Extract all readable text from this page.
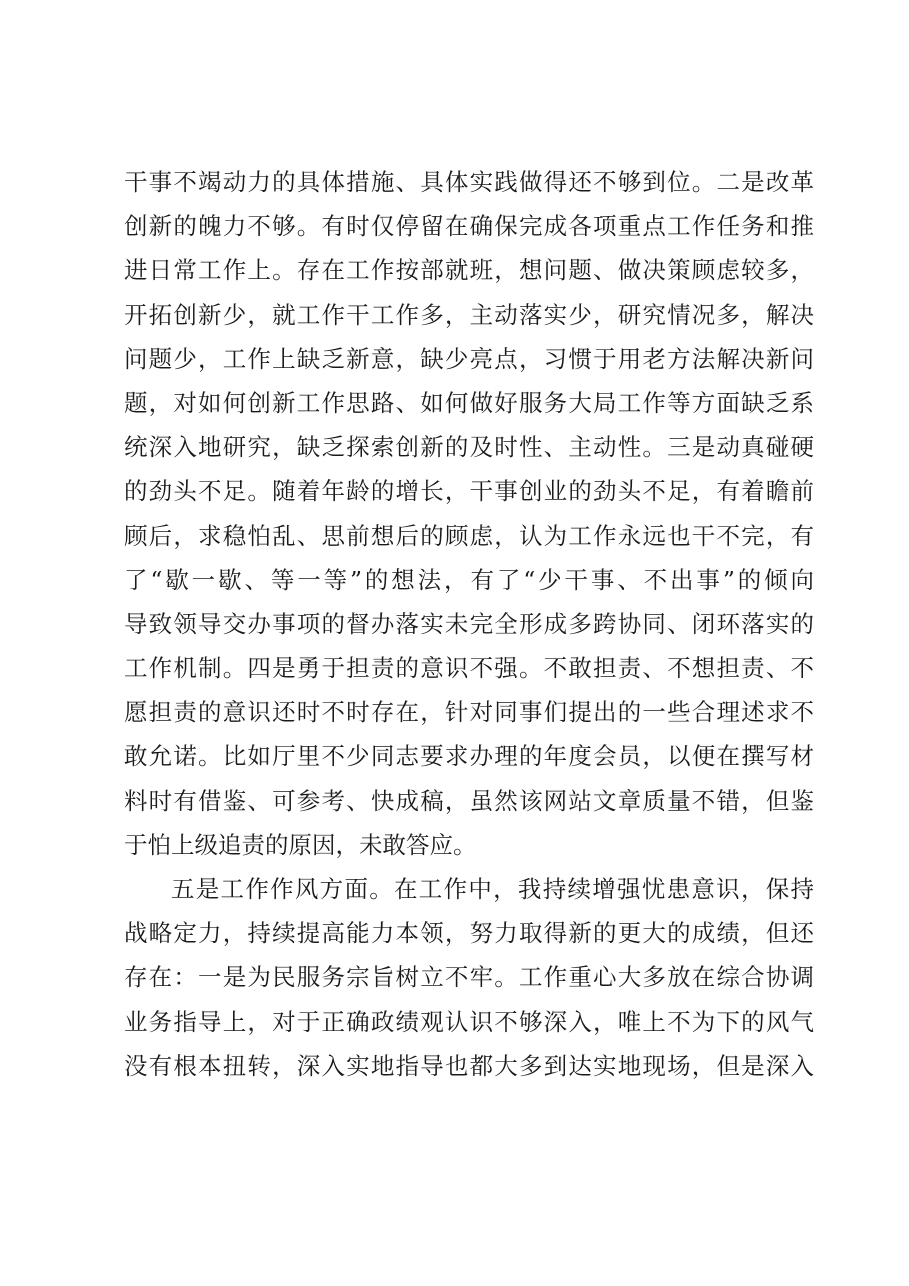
干事不竭动力的具体措施、具体实践做得还不够到位。二是改革
创新的魄力不够。有时仅停留在确保完成各项重点工作任务和推
进日常工作上。存在工作按部就班，想问题、做决策顾虑较多，
开拓创新少，就工作干工作多，主动落实少，研究情况多，解决
问题少，工作上缺乏新意，缺少亮点，习惯于用老方法解决新问
题，对如何创新工作思路、如何做好服务大局工作等方面缺乏系
统深入地研究，缺乏探索创新的及时性、主动性。三是动真碰硬
的劲头不足。随着年龄的增长，干事创业的劲头不足，有着瞻前
顾后，求稳怕乱、思前想后的顾虑，认为工作永远也干不完，有
了“歇一歇、等一等”的想法，有了“少干事、不出事”的倾向
导致领导交办事项的督办落实未完全形成多跨协同、闭环落实的
工作机制。四是勇于担责的意识不强。不敢担责、不想担责、不
愿担责的意识还时不时存在，针对同事们提出的一些合理述求不
敢允诺。比如厅里不少同志要求办理的年度会员，以便在撰写材
料时有借鉴、可参考、快成稿，虽然该网站文章质量不错，但鉴
于怕上级追责的原因，未敢答应。
五是工作作风方面。在工作中，我持续增强忧患意识，保持
战略定力，持续提高能力本领，努力取得新的更大的成绩，但还
存在：一是为民服务宗旨树立不牢。工作重心大多放在综合协调
业务指导上，对于正确政绩观认识不够深入，唯上不为下的风气
没有根本扭转，深入实地指导也都大多到达实地现场，但是深入
